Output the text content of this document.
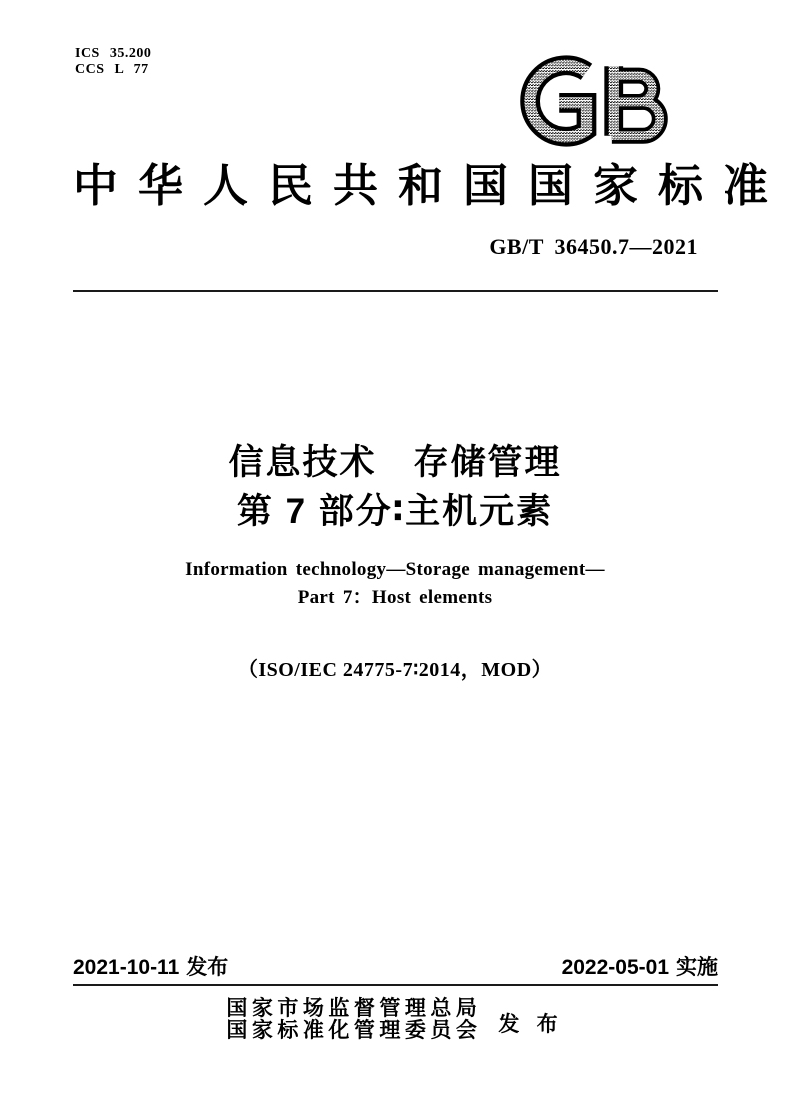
ICS 35.200
CCS L 77
中华人民共和国国家标准
GB/T 36450.7—2021
信息技术　存储管理
第 7 部分∶主机元素
Information technology—Storage management—
Part 7：Host elements
（ISO/IEC 24775-7∶2014，MOD）
2021-10-11 发布	2022-05-01 实施
国家市场监督管理总局
国家标准化管理委员会 发 布
